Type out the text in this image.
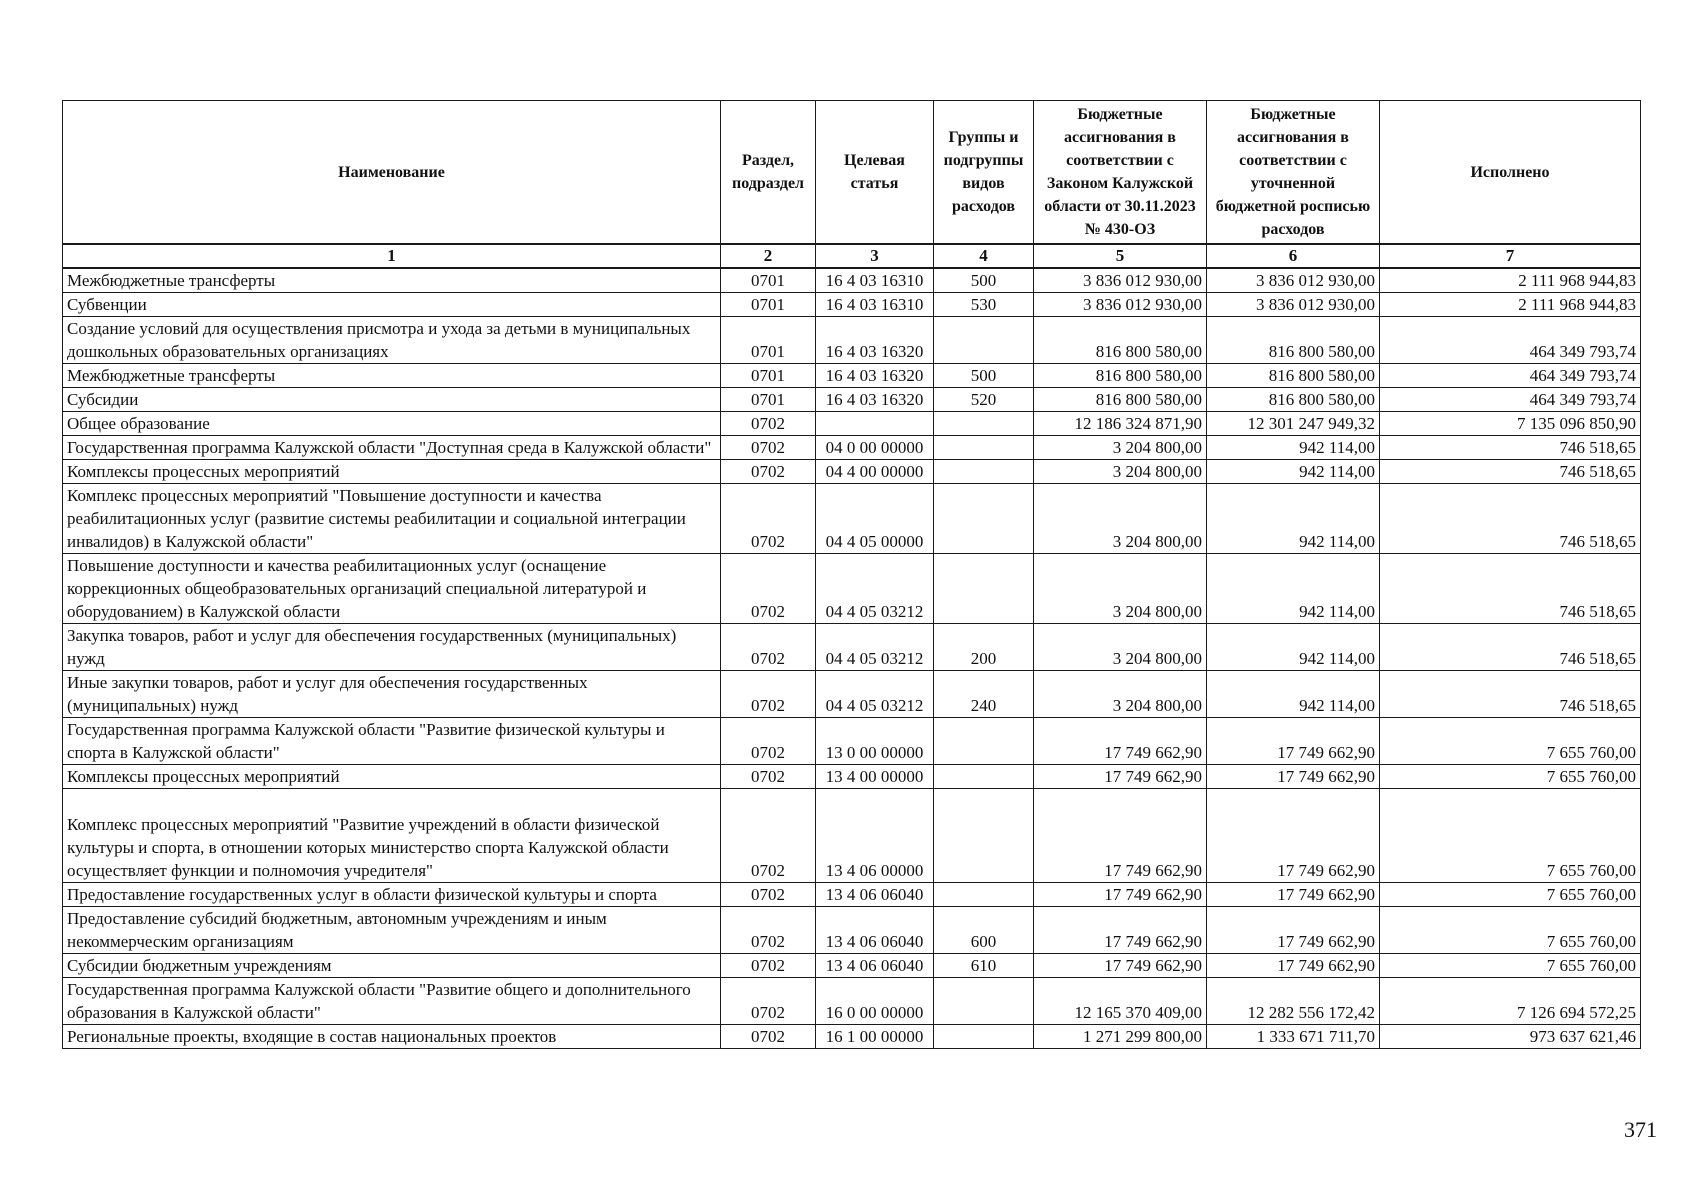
Наименование	Раздел, подраздел	Целевая статья	Группы и подгруппы видов расходов	Бюджетные ассигнования в соответствии с Законом Калужской области от 30.11.2023 № 430-ОЗ	Бюджетные ассигнования в соответствии с уточненной бюджетной росписью расходов	Исполнено
1	2	3	4	5	6	7
Межбюджетные трансферты	0701	16 4 03 16310	500	3 836 012 930,00	3 836 012 930,00	2 111 968 944,83
Субвенции	0701	16 4 03 16310	530	3 836 012 930,00	3 836 012 930,00	2 111 968 944,83
Создание условий для осуществления присмотра и ухода за детьми в муниципальных дошкольных образовательных организациях	0701	16 4 03 16320		816 800 580,00	816 800 580,00	464 349 793,74
Межбюджетные трансферты	0701	16 4 03 16320	500	816 800 580,00	816 800 580,00	464 349 793,74
Субсидии	0701	16 4 03 16320	520	816 800 580,00	816 800 580,00	464 349 793,74
Общее образование	0702			12 186 324 871,90	12 301 247 949,32	7 135 096 850,90
Государственная программа Калужской области "Доступная среда в Калужской области"	0702	04 0 00 00000		3 204 800,00	942 114,00	746 518,65
Комплексы процессных мероприятий	0702	04 4 00 00000		3 204 800,00	942 114,00	746 518,65
Комплекс процессных мероприятий "Повышение доступности и качества реабилитационных услуг (развитие системы реабилитации и социальной интеграции инвалидов) в Калужской области"	0702	04 4 05 00000		3 204 800,00	942 114,00	746 518,65
Повышение доступности и качества реабилитационных услуг (оснащение коррекционных общеобразовательных организаций специальной литературой и оборудованием) в Калужской области	0702	04 4 05 03212		3 204 800,00	942 114,00	746 518,65
Закупка товаров, работ и услуг для обеспечения государственных (муниципальных) нужд	0702	04 4 05 03212	200	3 204 800,00	942 114,00	746 518,65
Иные закупки товаров, работ и услуг для обеспечения государственных (муниципальных) нужд	0702	04 4 05 03212	240	3 204 800,00	942 114,00	746 518,65
Государственная программа Калужской области "Развитие физической культуры и спорта в Калужской области"	0702	13 0 00 00000		17 749 662,90	17 749 662,90	7 655 760,00
Комплексы процессных мероприятий	0702	13 4 00 00000		17 749 662,90	17 749 662,90	7 655 760,00
Комплекс процессных мероприятий "Развитие учреждений в области физической культуры и спорта, в отношении которых министерство спорта Калужской области осуществляет функции и полномочия учредителя"	0702	13 4 06 00000		17 749 662,90	17 749 662,90	7 655 760,00
Предоставление государственных услуг в области физической культуры и спорта	0702	13 4 06 06040		17 749 662,90	17 749 662,90	7 655 760,00
Предоставление субсидий бюджетным, автономным учреждениям и иным некоммерческим организациям	0702	13 4 06 06040	600	17 749 662,90	17 749 662,90	7 655 760,00
Субсидии бюджетным учреждениям	0702	13 4 06 06040	610	17 749 662,90	17 749 662,90	7 655 760,00
Государственная программа Калужской области "Развитие общего и дополнительного образования в Калужской области"	0702	16 0 00 00000		12 165 370 409,00	12 282 556 172,42	7 126 694 572,25
Региональные проекты, входящие в состав национальных проектов	0702	16 1 00 00000		1 271 299 800,00	1 333 671 711,70	973 637 621,46
371
